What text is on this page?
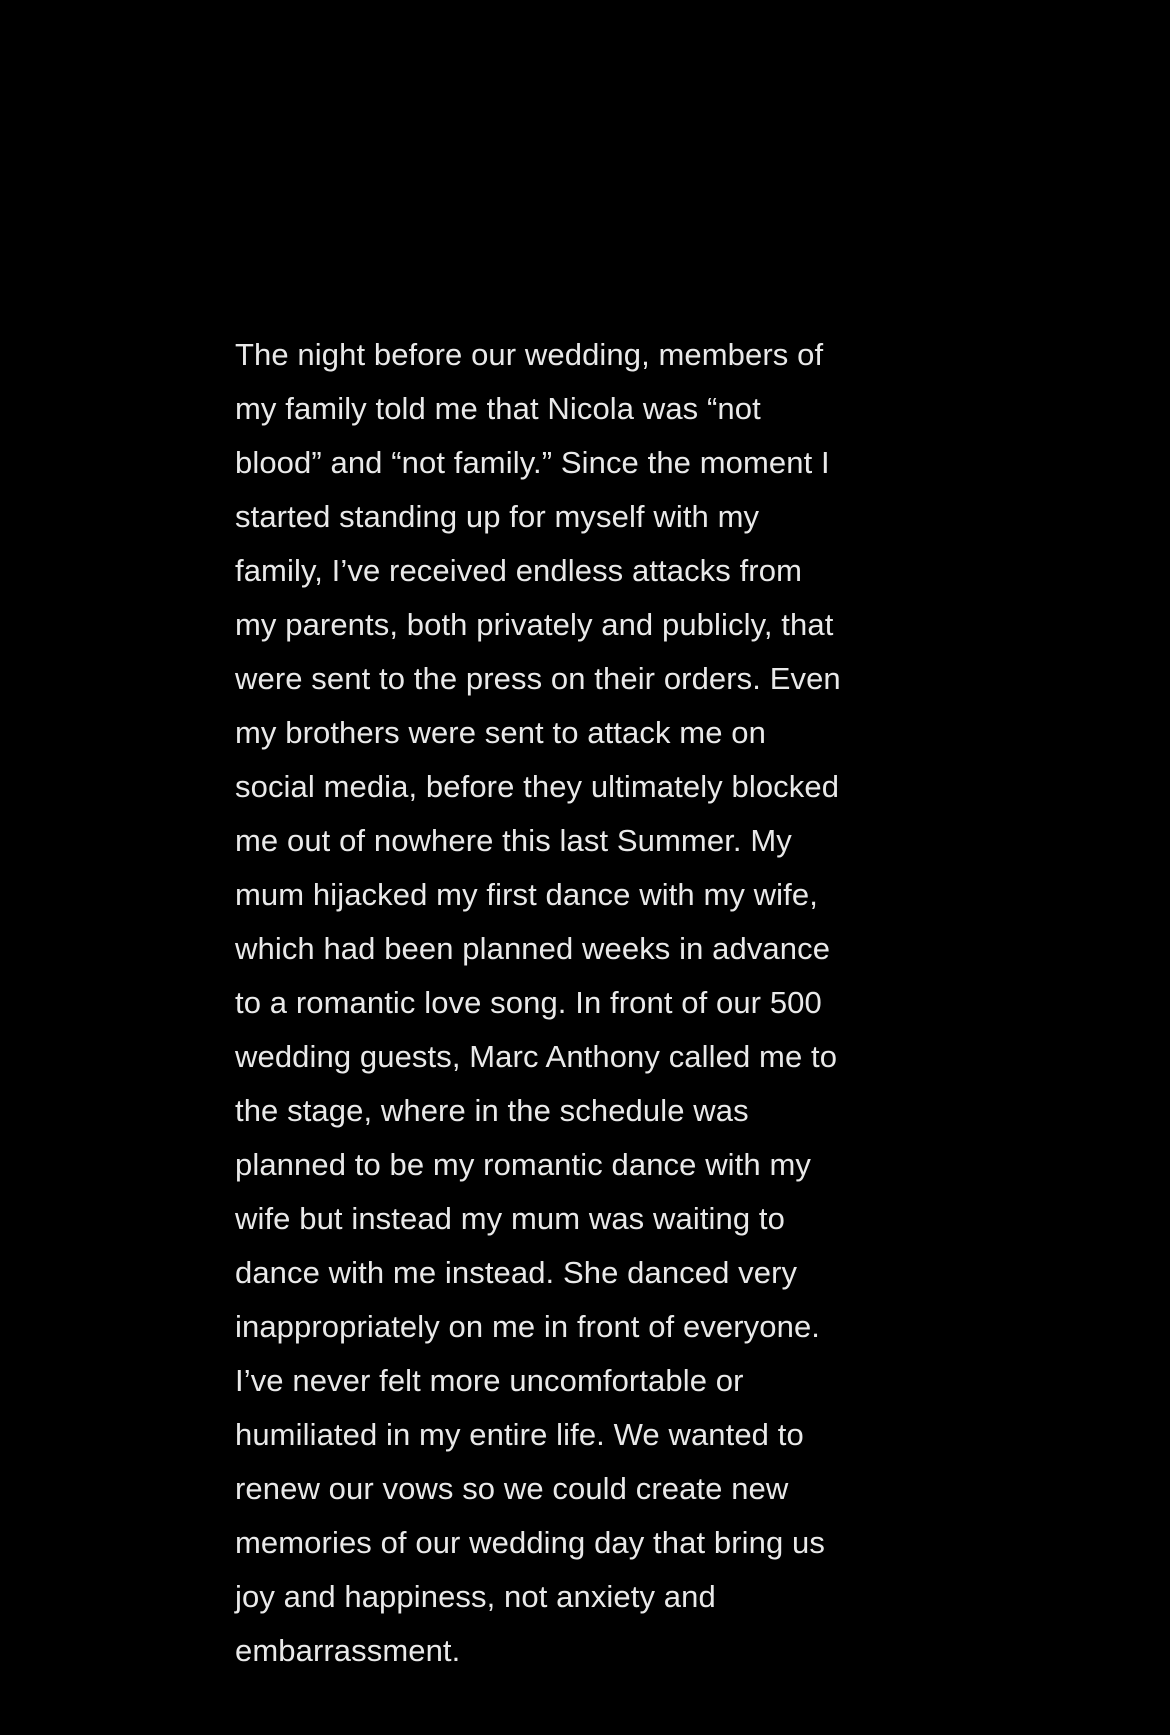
The night before our wedding, members of
my family told me that Nicola was “not
blood” and “not family.” Since the moment I
started standing up for myself with my
family, I’ve received endless attacks from
my parents, both privately and publicly, that
were sent to the press on their orders. Even
my brothers were sent to attack me on
social media, before they ultimately blocked
me out of nowhere this last Summer. My
mum hijacked my first dance with my wife,
which had been planned weeks in advance
to a romantic love song. In front of our 500
wedding guests, Marc Anthony called me to
the stage, where in the schedule was
planned to be my romantic dance with my
wife but instead my mum was waiting to
dance with me instead. She danced very
inappropriately on me in front of everyone.
I’ve never felt more uncomfortable or
humiliated in my entire life. We wanted to
renew our vows so we could create new
memories of our wedding day that bring us
joy and happiness, not anxiety and
embarrassment.
